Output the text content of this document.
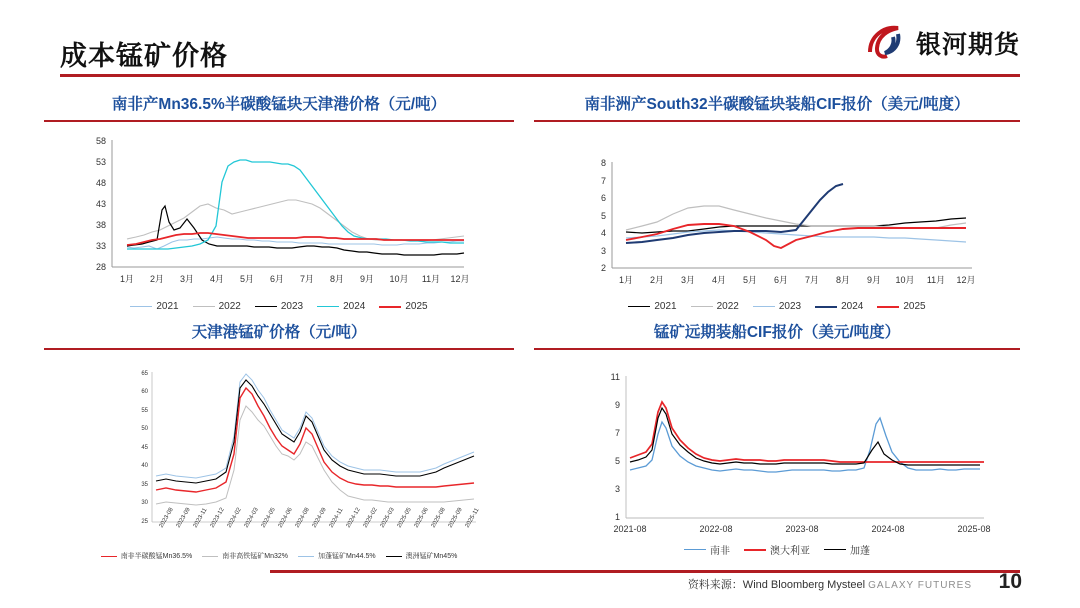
成本锰矿价格	银河期货
南非产Mn36.5%半碳酸锰块天津港价格（元/吨）
58
53
48
43
38
33
28
1月 2月 3月 4月 5月 6月 7月 8月 9月 10月 11月 12月
2021	2022	2023	2024	2025
南非洲产South32半碳酸锰块装船CIF报价（美元/吨度）
8
7
6
5
4
3
2
1月 2月 3月 4月 5月 6月 7月 8月 9月 10月 11月 12月
2021	2022	2023	2024	2025
天津港锰矿价格（元/吨）
65
60
55
50
45
40
35
30
25 2023-08 2023-09 2023-11 2023-12 2024-02 2024-03 2024-05 2024-06 2024-08 2024-09 2024-11 2024-12 2025-02 2025-03 2025-05 2025-06 2025-08 2025-09 2025-11
南非半碳酸锰Mn36.5%	南非高铁锰矿Mn32%	加蓬锰矿Mn44.5%	澳洲锰矿Mn45%
锰矿远期装船CIF报价（美元/吨度）
11
9
7
5
3
1
2021-08	2022-08	2023-08	2024-08	2025-08
南非	澳大利亚	加蓬
资料来源：Wind Bloomberg Mysteel GALAXY FUTURES 10
